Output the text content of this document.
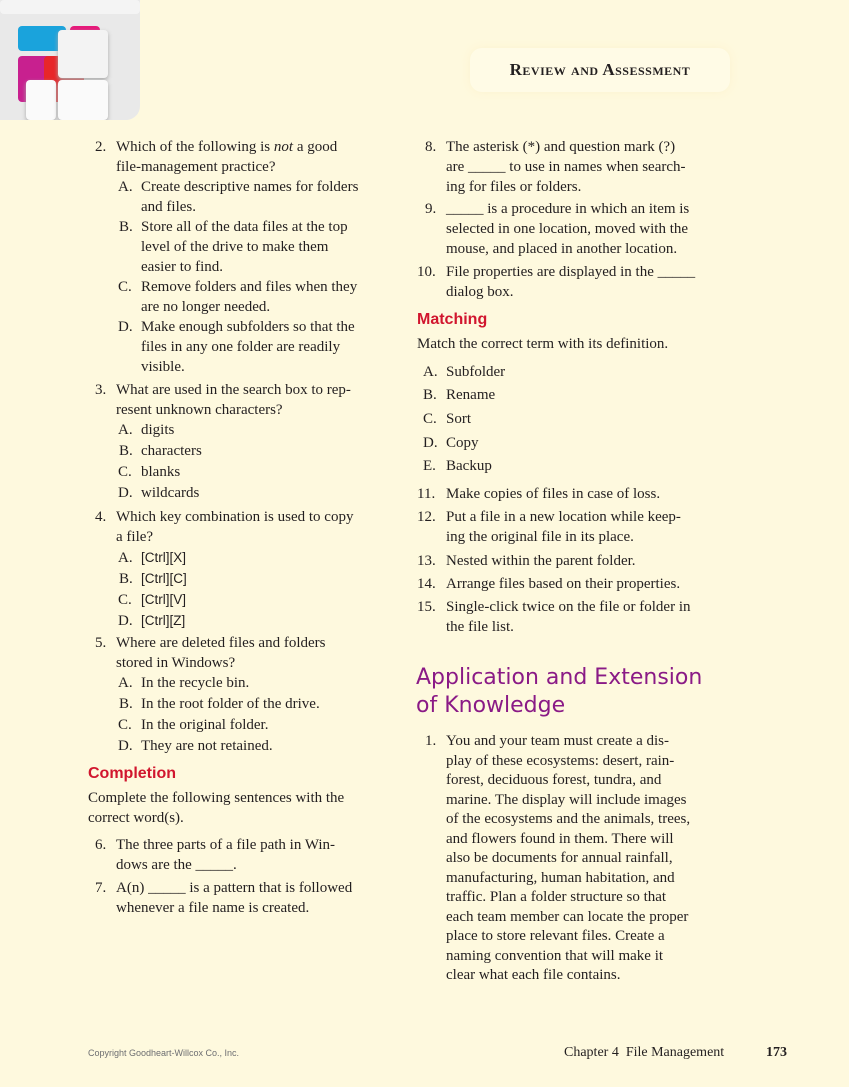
Review and Assessment
2. Which of the following is not a good
file-management practice?
A. Create descriptive names for folders
and files.
B. Store all of the data files at the top
level of the drive to make them
easier to find.
C. Remove folders and files when they
are no longer needed.
D. Make enough subfolders so that the
files in any one folder are readily
visible.
3. What are used in the search box to rep-
resent unknown characters?
A. digits
B. characters
C. blanks
D. wildcards
4. Which key combination is used to copy
a file?
A. [Ctrl][X]
B. [Ctrl][C]
C. [Ctrl][V]
D. [Ctrl][Z]
5. Where are deleted files and folders
stored in Windows?
A. In the recycle bin.
B. In the root folder of the drive.
C. In the original folder.
D. They are not retained.
Completion
Complete the following sentences with the
correct word(s).
6. The three parts of a file path in Win-
dows are the _____.
7. A(n) _____ is a pattern that is followed
whenever a file name is created.
8. The asterisk (*) and question mark (?)
are _____ to use in names when search-
ing for files or folders.
9. _____ is a procedure in which an item is
selected in one location, moved with the
mouse, and placed in another location.
10. File properties are displayed in the _____
dialog box.
Matching
Match the correct term with its definition.
A. Subfolder
B. Rename
C. Sort
D. Copy
E. Backup
11. Make copies of files in case of loss.
12. Put a file in a new location while keep-
ing the original file in its place.
13. Nested within the parent folder.
14. Arrange files based on their properties.
15. Single-click twice on the file or folder in
the file list.
Application and Extension
of Knowledge
1. You and your team must create a dis-
play of these ecosystems: desert, rain-
forest, deciduous forest, tundra, and
marine. The display will include images
of the ecosystems and the animals, trees,
and flowers found in them. There will
also be documents for annual rainfall,
manufacturing, human habitation, and
traffic. Plan a folder structure so that
each team member can locate the proper
place to store relevant files. Create a
naming convention that will make it
clear what each file contains.
Copyright Goodheart-Willcox Co., Inc.	Chapter 4  File Management	173
